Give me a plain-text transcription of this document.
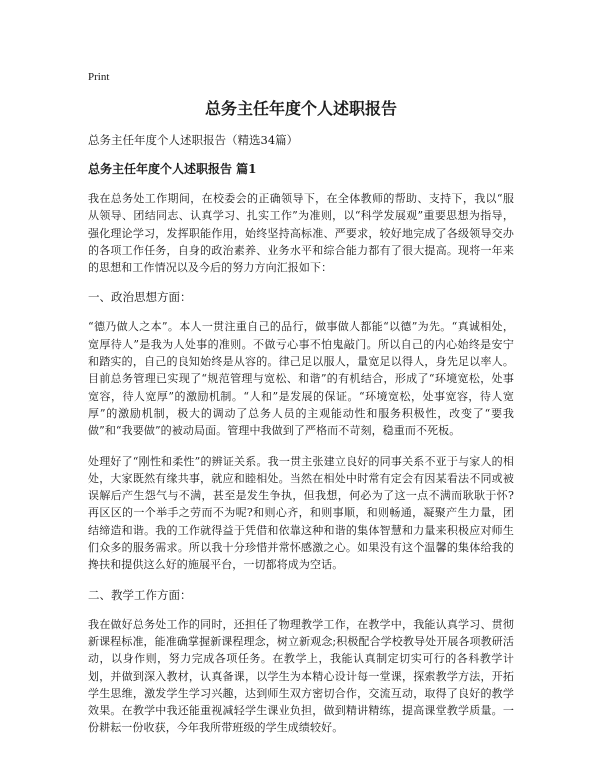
Print
总务主任年度个人述职报告
总务主任年度个人述职报告（精选34篇）
总务主任年度个人述职报告 篇1
我在总务处工作期间，在校委会的正确领导下，在全体教师的帮助、支持下，我以“服从领导、团结同志、认真学习、扎实工作”为准则，以“科学发展观”重要思想为指导，强化理论学习，发挥职能作用，始终坚持高标准、严要求，较好地完成了各级领导交办的各项工作任务，自身的政治素养、业务水平和综合能力都有了很大提高。现将一年来的思想和工作情况以及今后的努力方向汇报如下：
一、政治思想方面：
“德乃做人之本”。本人一贯注重自己的品行，做事做人都能“以德”为先。“真诚相处，宽厚待人”是我为人处事的准则。不做亏心事不怕鬼敲门。所以自己的内心始终是安宁和踏实的，自己的良知始终是从容的。律己足以服人，量宽足以得人，身先足以率人。目前总务管理已实现了“规范管理与宽松、和谐”的有机结合，形成了“环境宽松，处事宽容，待人宽厚”的激励机制。“人和”是发展的保证。“环境宽松，处事宽容，待人宽厚”的激励机制，极大的调动了总务人员的主观能动性和服务积极性，改变了“要我做”和“我要做”的被动局面。管理中我做到了严格而不苛刻，稳重而不死板。
处理好了“刚性和柔性”的辨证关系。我一贯主张建立良好的同事关系不亚于与家人的相处，大家既然有缘共事，就应和睦相处。当然在相处中时常有定会有因某看法不同或被误解后产生怨气与不满，甚至是发生争执，但我想，何必为了这一点不满而耿耿于怀?再区区的一个举手之劳而不为呢?和则心齐，和则事顺，和则畅通，凝聚产生力量，团结缔造和谐。我的工作就得益于凭借和依靠这种和谐的集体智慧和力量来积极应对师生们众多的服务需求。所以我十分珍惜并常怀感激之心。如果没有这个温馨的集体给我的搀扶和提供这么好的施展平台，一切都将成为空话。
二、教学工作方面：
我在做好总务处工作的同时，还担任了物理教学工作，在教学中，我能认真学习、贯彻新课程标准，能准确掌握新课程理念，树立新观念;积极配合学校教导处开展各项教研活动，以身作则，努力完成各项任务。在教学上，我能认真制定切实可行的各科教学计划，并做到深入教材，认真备课，以学生为本精心设计每一堂课，探索教学方法，开拓学生思维，激发学生学习兴趣，达到师生双方密切合作，交流互动，取得了良好的教学效果。在教学中我还能重视减轻学生课业负担，做到精讲精练，提高课堂教学质量。一份耕耘一份收获，今年我所带班级的学生成绩较好。
